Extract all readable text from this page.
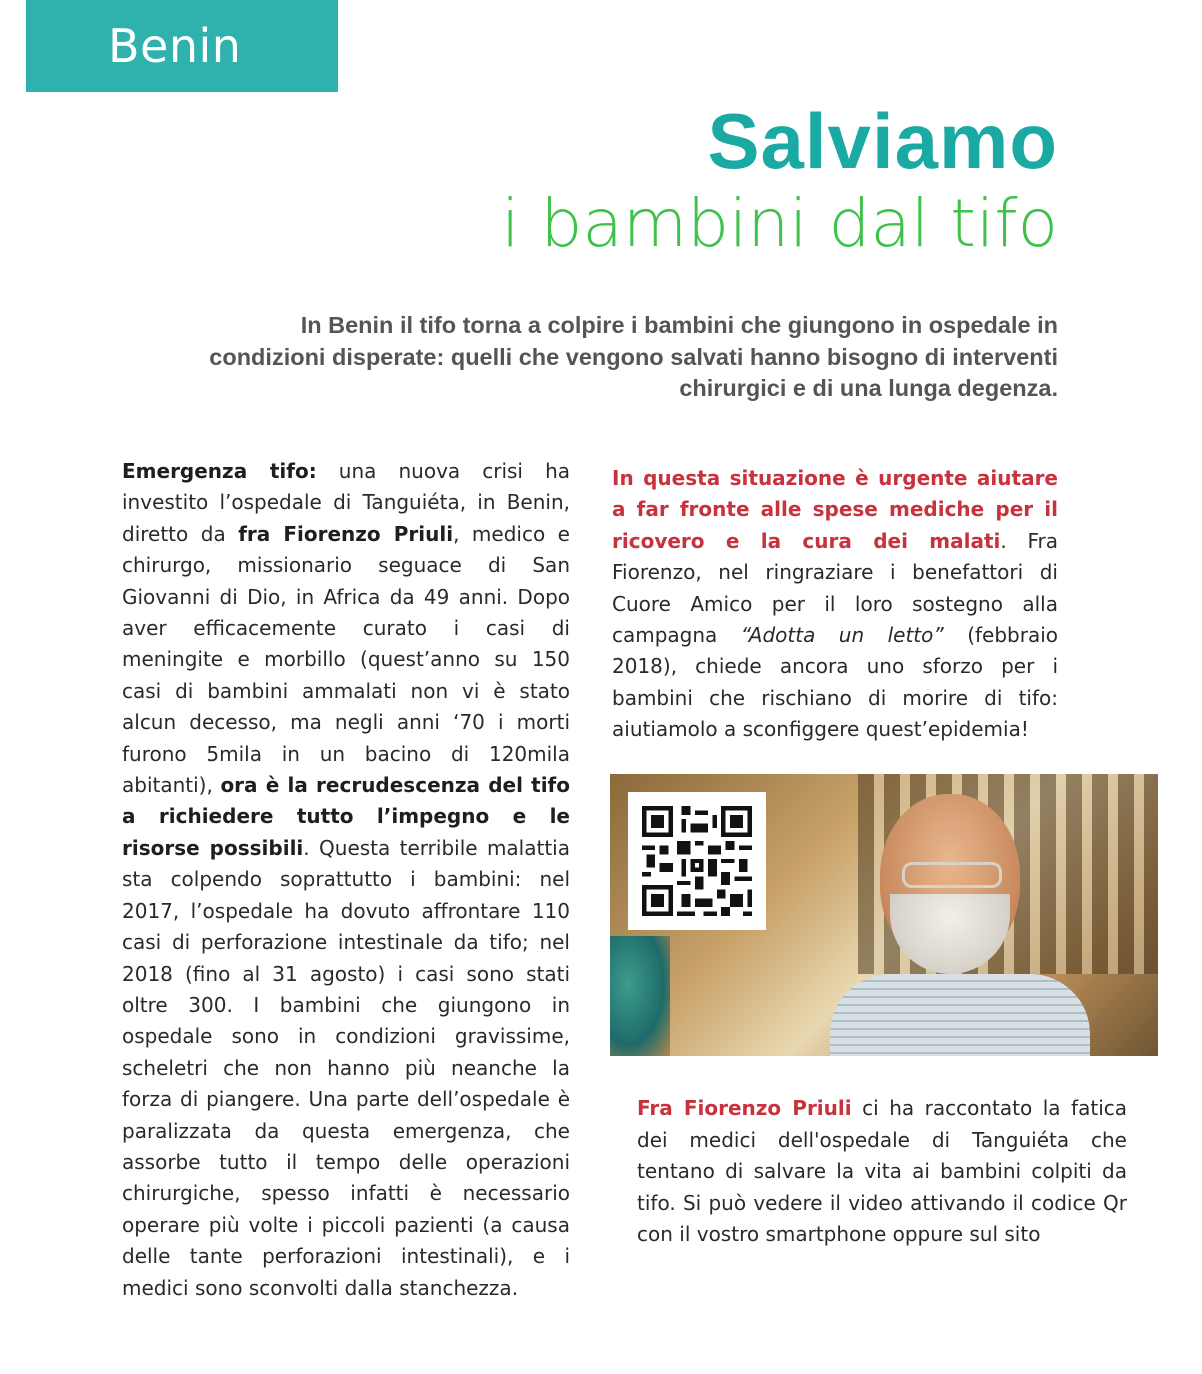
Benin
Salviamo
i bambini dal tifo

In Benin il tifo torna a colpire i bambini che giungono in ospedale in condizioni disperate: quelli che vengono salvati hanno bisogno di interventi chirurgici e di una lunga degenza.

Emergenza tifo: una nuova crisi ha investito l’ospedale di Tanguiéta, in Benin, diretto da fra Fiorenzo Priuli, medico e chirurgo, missionario seguace di San Giovanni di Dio, in Africa da 49 anni. Dopo aver efficacemente curato i casi di meningite e morbillo (quest’anno su 150 casi di bambini ammalati non vi è stato alcun decesso, ma negli anni ‘70 i morti furono 5mila in un bacino di 120mila abitanti), ora è la recrudescenza del tifo a richiedere tutto l’impegno e le risorse possibili. Questa terribile malattia sta colpendo soprattutto i bambini: nel 2017, l’ospedale ha dovuto affrontare 110 casi di perforazione intestinale da tifo; nel 2018 (fino al 31 agosto) i casi sono stati oltre 300. I bambini che giungono in ospedale sono in condizioni gravissime, scheletri che non hanno più neanche la forza di piangere. Una parte dell’ospedale è paralizzata da questa emergenza, che assorbe tutto il tempo delle operazioni chirurgiche, spesso infatti è necessario operare più volte i piccoli pazienti (a causa delle tante perforazioni intestinali), e i medici sono sconvolti dalla stanchezza.

In questa situazione è urgente aiutare a far fronte alle spese mediche per il ricovero e la cura dei malati. Fra Fiorenzo, nel ringraziare i benefattori di Cuore Amico per il loro sostegno alla campagna “Adotta un letto” (febbraio 2018), chiede ancora uno sforzo per i bambini che rischiano di morire di tifo: aiutiamolo a sconfiggere quest’epidemia!

Fra Fiorenzo Priuli ci ha raccontato la fatica dei medici dell'ospedale di Tanguiéta che tentano di salvare la vita ai bambini colpiti da tifo. Si può vedere il video attivando il codice Qr con il vostro smartphone oppure sul sito
